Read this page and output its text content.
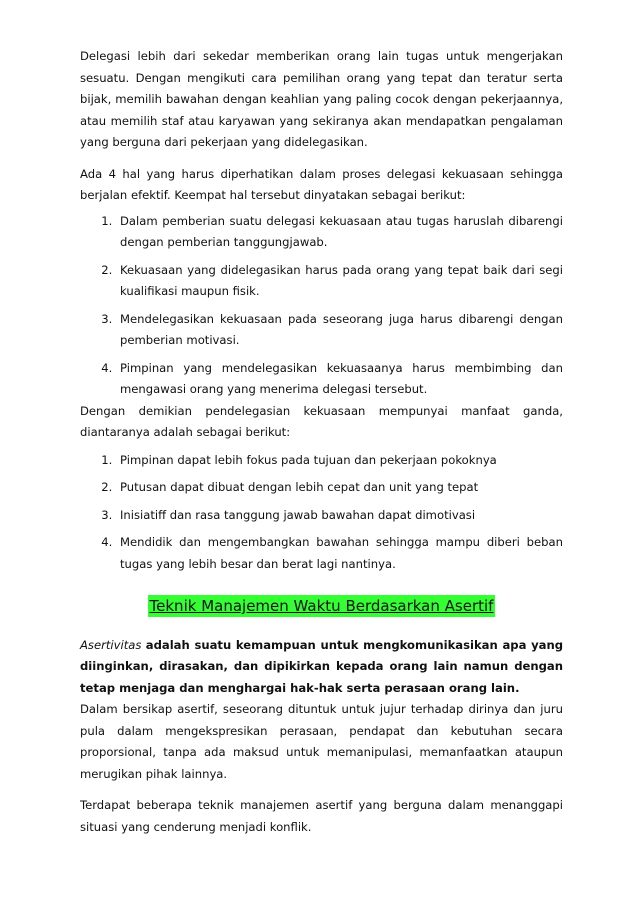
Delegasi lebih dari sekedar memberikan orang lain tugas untuk mengerjakan sesuatu. Dengan mengikuti cara pemilihan orang yang tepat dan teratur serta bijak, memilih bawahan dengan keahlian yang paling cocok dengan pekerjaannya, atau memilih staf atau karyawan yang sekiranya akan mendapatkan pengalaman yang berguna dari pekerjaan yang didelegasikan.

Ada 4 hal yang harus diperhatikan dalam proses delegasi kekuasaan sehingga berjalan efektif. Keempat hal tersebut dinyatakan sebagai berikut:

1. Dalam pemberian suatu delegasi kekuasaan atau tugas haruslah dibarengi dengan pemberian tanggungjawab.
2. Kekuasaan yang didelegasikan harus pada orang yang tepat baik dari segi kualifikasi maupun fisik.
3. Mendelegasikan kekuasaan pada seseorang juga harus dibarengi dengan pemberian motivasi.
4. Pimpinan yang mendelegasikan kekuasaanya harus membimbing dan mengawasi orang yang menerima delegasi tersebut.

Dengan demikian pendelegasian kekuasaan mempunyai manfaat ganda, diantaranya adalah sebagai berikut:

1. Pimpinan dapat lebih fokus pada tujuan dan pekerjaan pokoknya
2. Putusan dapat dibuat dengan lebih cepat dan unit yang tepat
3. Inisiatiff dan rasa tanggung jawab bawahan dapat dimotivasi
4. Mendidik dan mengembangkan bawahan sehingga mampu diberi beban tugas yang lebih besar dan berat lagi nantinya.
Teknik Manajemen Waktu Berdasarkan Asertif

Asertivitas adalah suatu kemampuan untuk mengkomunikasikan apa yang diinginkan, dirasakan, dan dipikirkan kepada orang lain namun dengan tetap menjaga dan menghargai hak-hak serta perasaan orang lain.

Dalam bersikap asertif, seseorang dituntuk untuk jujur terhadap dirinya dan juru pula dalam mengekspresikan perasaan, pendapat dan kebutuhan secara proporsional, tanpa ada maksud untuk memanipulasi, memanfaatkan ataupun merugikan pihak lainnya.

Terdapat beberapa teknik manajemen asertif yang berguna dalam menanggapi situasi yang cenderung menjadi konflik.
